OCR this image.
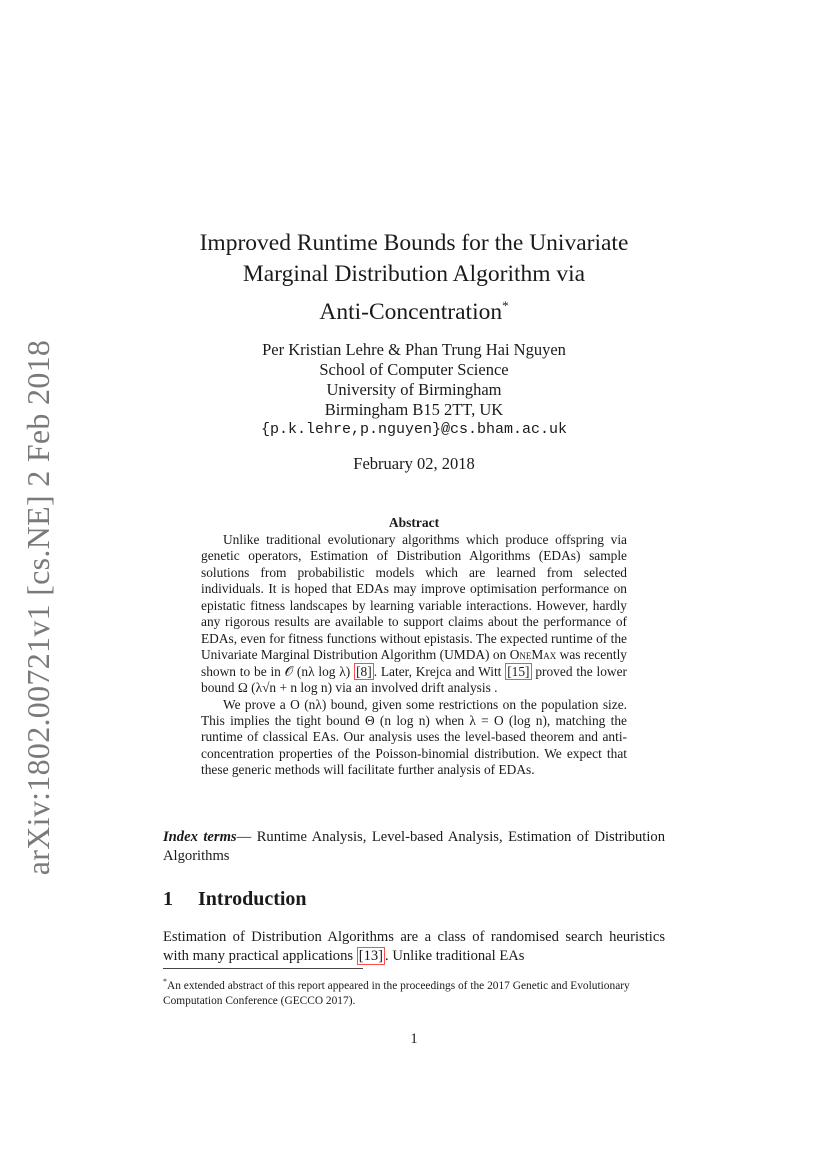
arXiv:1802.00721v1 [cs.NE] 2 Feb 2018
Improved Runtime Bounds for the Univariate
Marginal Distribution Algorithm via
Anti-Concentration*
Per Kristian Lehre & Phan Trung Hai Nguyen
School of Computer Science
University of Birmingham
Birmingham B15 2TT, UK
{p.k.lehre,p.nguyen}@cs.bham.ac.uk
February 02, 2018
Abstract

Unlike traditional evolutionary algorithms which produce offspring via genetic operators, Estimation of Distribution Algorithms (EDAs) sample solutions from probabilistic models which are learned from selected individuals. It is hoped that EDAs may improve optimisation performance on epistatic fitness landscapes by learning variable interactions. However, hardly any rigorous results are available to support claims about the performance of EDAs, even for fitness functions without epistasis. The expected runtime of the Univariate Marginal Distribution Algorithm (UMDA) on OneMax was recently shown to be in 𝒪 (nλ log λ) [8] . Later, Krejca and Witt [15] proved the lower bound Ω (λ√n + n log n) via an involved drift analysis .

We prove a O (nλ) bound, given some restrictions on the population size. This implies the tight bound Θ (n log n) when λ = O (log n), matching the runtime of classical EAs. Our analysis uses the level-based theorem and anti-concentration properties of the Poisson-binomial distribution. We expect that these generic methods will facilitate further analysis of EDAs.

Index terms— Runtime Analysis, Level-based Analysis, Estimation of Distribution Algorithms
1 Introduction
Estimation of Distribution Algorithms are a class of randomised search heuristics with many practical applications [13] . Unlike traditional EAs
*An extended abstract of this report appeared in the proceedings of the 2017 Genetic and Evolutionary Computation Conference (GECCO 2017).
1
